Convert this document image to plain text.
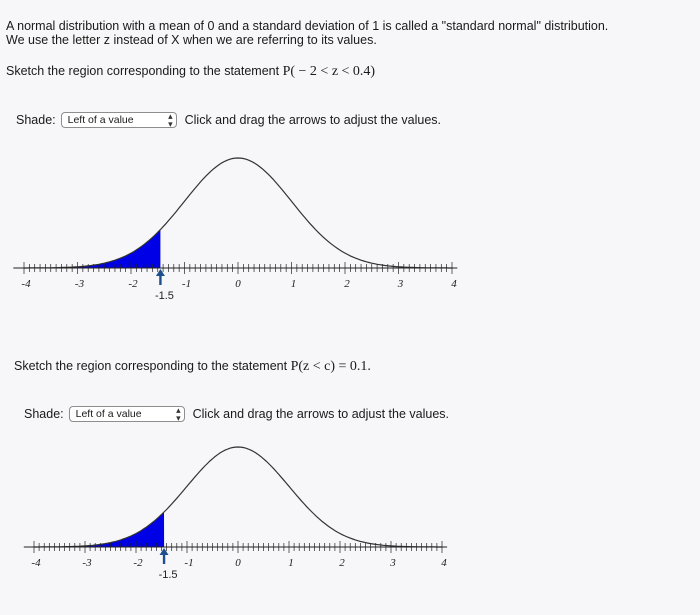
A normal distribution with a mean of 0 and a standard deviation of 1 is called a "standard normal" distribution.
We use the letter z instead of X when we are referring to its values.
Sketch the region corresponding to the statement P( − 2 < z < 0.4)
Shade: Left of a value	▴
▾ Click and drag the arrows to adjust the values.
-4	-3	-2	-1	0	1	2	3	4
-1.5
Sketch the region corresponding to the statement P(z < c) = 0.1.
Shade: Left of a value	▴
▾ Click and drag the arrows to adjust the values.
-4	-3	-2	-1	0	1	2	3	4
-1.5
